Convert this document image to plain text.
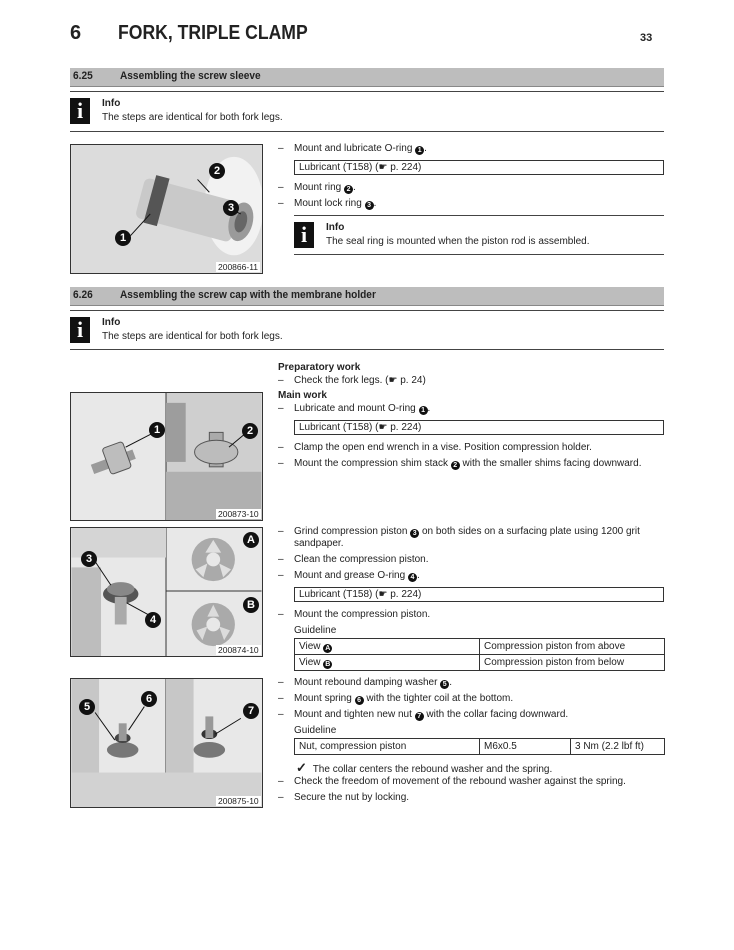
6 FORK, TRIPLE CLAMP	33
6.25 Assembling the screw sleeve
i	Info
The steps are identical for both fork legs.
2
3
1
200866-11
– Mount and lubricate O-ring 1 .
Lubricant (T158) (☛ p. 224)
– Mount ring 2 .
– Mount lock ring 3 .
i	Info
The seal ring is mounted when the piston rod is assembled.
6.26 Assembling the screw cap with the membrane holder
i	Info
The steps are identical for both fork legs.
Preparatory work
– Check the fork legs. (☛ p. 24)
Main work
– Lubricate and mount O-ring 1 .
Lubricant (T158) (☛ p. 224)
– Clamp the open end wrench in a vise. Position compression holder.
– Mount the compression shim stack 2 with the smaller shims facing downward.
1	2
200873-10
3
4
A
B
200874-10
– Grind compression piston 3 on both sides on a surfacing plate using 1200 grit
sandpaper.
– Clean the compression piston.
– Mount and grease O-ring 4 .
Lubricant (T158) (☛ p. 224)
– Mount the compression piston.
Guideline
View A	Compression piston from above
View B	Compression piston from below
5
6
7
200875-10
– Mount rebound damping washer 5 .
– Mount spring 6 with the tighter coil at the bottom.
– Mount and tighten new nut 7 with the collar facing downward.
Guideline
Nut, compression piston	M6x0.5	3 Nm (2.2 lbf ft)
✓ The collar centers the rebound washer and the spring.
– Check the freedom of movement of the rebound washer against the spring.
– Secure the nut by locking.
